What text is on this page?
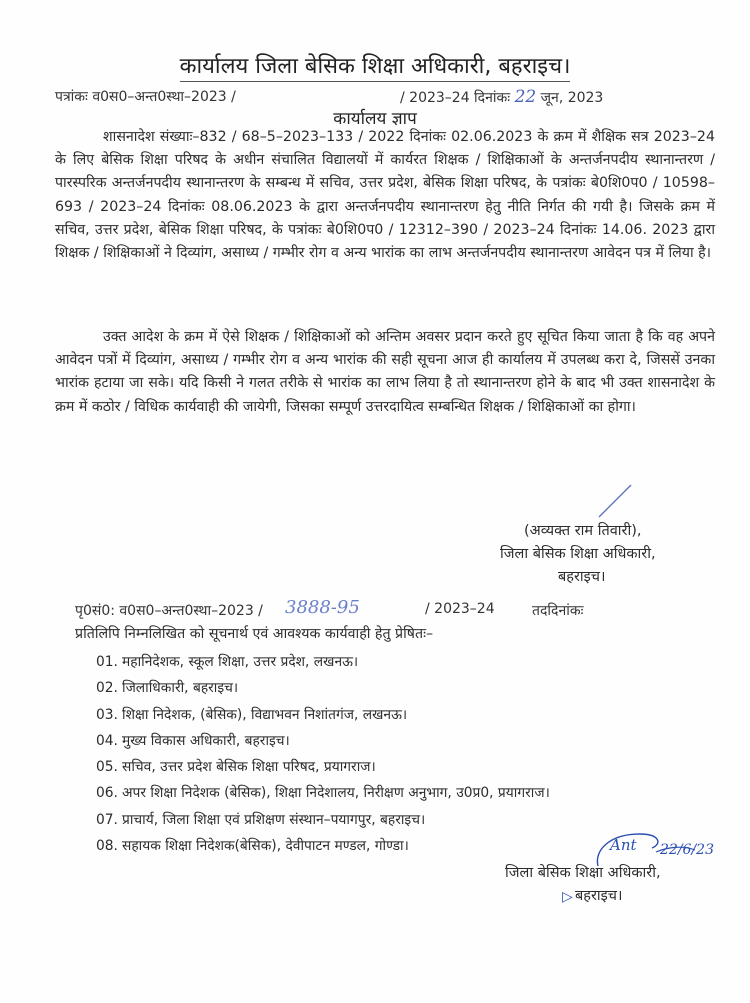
कार्यालय जिला बेसिक शिक्षा अधिकारी, बहराइच।
पत्रांकः व0स0–अन्त0स्था–2023 /	/ 2023–24 दिनांकः 22 जून, 2023
कार्यालय ज्ञाप

शासनादेश संख्याः–832 / 68–5–2023–133 / 2022 दिनांकः 02.06.2023 के क्रम में शैक्षिक सत्र 2023–24 के लिए बेसिक शिक्षा परिषद के अधीन संचालित विद्यालयों में कार्यरत शिक्षक / शिक्षिकाओं के अन्तर्जनपदीय स्थानान्तरण / पारस्परिक अन्तर्जनपदीय स्थानान्तरण के सम्बन्ध में सचिव, उत्तर प्रदेश, बेसिक शिक्षा परिषद, के पत्रांकः बे0शि0प0 / 10598–693 / 2023–24 दिनांकः 08.06.2023 के द्वारा अन्तर्जनपदीय स्थानान्तरण हेतु नीति निर्गत की गयी है। जिसके क्रम में सचिव, उत्तर प्रदेश, बेसिक शिक्षा परिषद, के पत्रांकः बे0शि0प0 / 12312–390 / 2023–24 दिनांकः 14.06. 2023 द्वारा शिक्षक / शिक्षिकाओं ने दिव्यांग, असाध्य / गम्भीर रोग व अन्य भारांक का लाभ अन्तर्जनपदीय स्थानान्तरण आवेदन पत्र में लिया है।

उक्त आदेश के क्रम में ऐसे शिक्षक / शिक्षिकाओं को अन्तिम अवसर प्रदान करते हुए सूचित किया जाता है कि वह अपने आवेदन पत्रों में दिव्यांग, असाध्य / गम्भीर रोग व अन्य भारांक की सही सूचना आज ही कार्यालय में उपलब्ध करा दे, जिससें उनका भारांक हटाया जा सके। यदि किसी ने गलत तरीके से भारांक का लाभ लिया है तो स्थानान्तरण होने के बाद भी उक्त शासनादेश के क्रम में कठोर / विधिक कार्यवाही की जायेगी, जिसका सम्पूर्ण उत्तरदायित्व सम्बन्धित शिक्षक / शिक्षिकाओं का होगा।

(अव्यक्त राम तिवारी),
जिला बेसिक शिक्षा अधिकारी,
बहराइच।
पृ0सं0: व0स0–अन्त0स्था–2023 / 3888-95	/ 2023–24	तददिनांकः
प्रतिलिपि निम्नलिखित को सूचनार्थ एवं आवश्यक कार्यवाही हेतु प्रेषितः–
01. महानिदेशक, स्कूल शिक्षा, उत्तर प्रदेश, लखनऊ।
02. जिलाधिकारी, बहराइच।
03. शिक्षा निदेशक, (बेसिक), विद्याभवन निशांतगंज, लखनऊ।
04. मुख्य विकास अधिकारी, बहराइच।
05. सचिव, उत्तर प्रदेश बेसिक शिक्षा परिषद, प्रयागराज।
06. अपर शिक्षा निदेशक (बेसिक), शिक्षा निदेशालय, निरीक्षण अनुभाग, उ0प्र0, प्रयागराज।
07. प्राचार्य, जिला शिक्षा एवं प्रशिक्षण संस्थान–पयागपुर, बहराइच।
08. सहायक शिक्षा निदेशक(बेसिक), देवीपाटन मण्डल, गोण्डा।	Ant 22/6/23
जिला बेसिक शिक्षा अधिकारी,
बहराइच।
▷
